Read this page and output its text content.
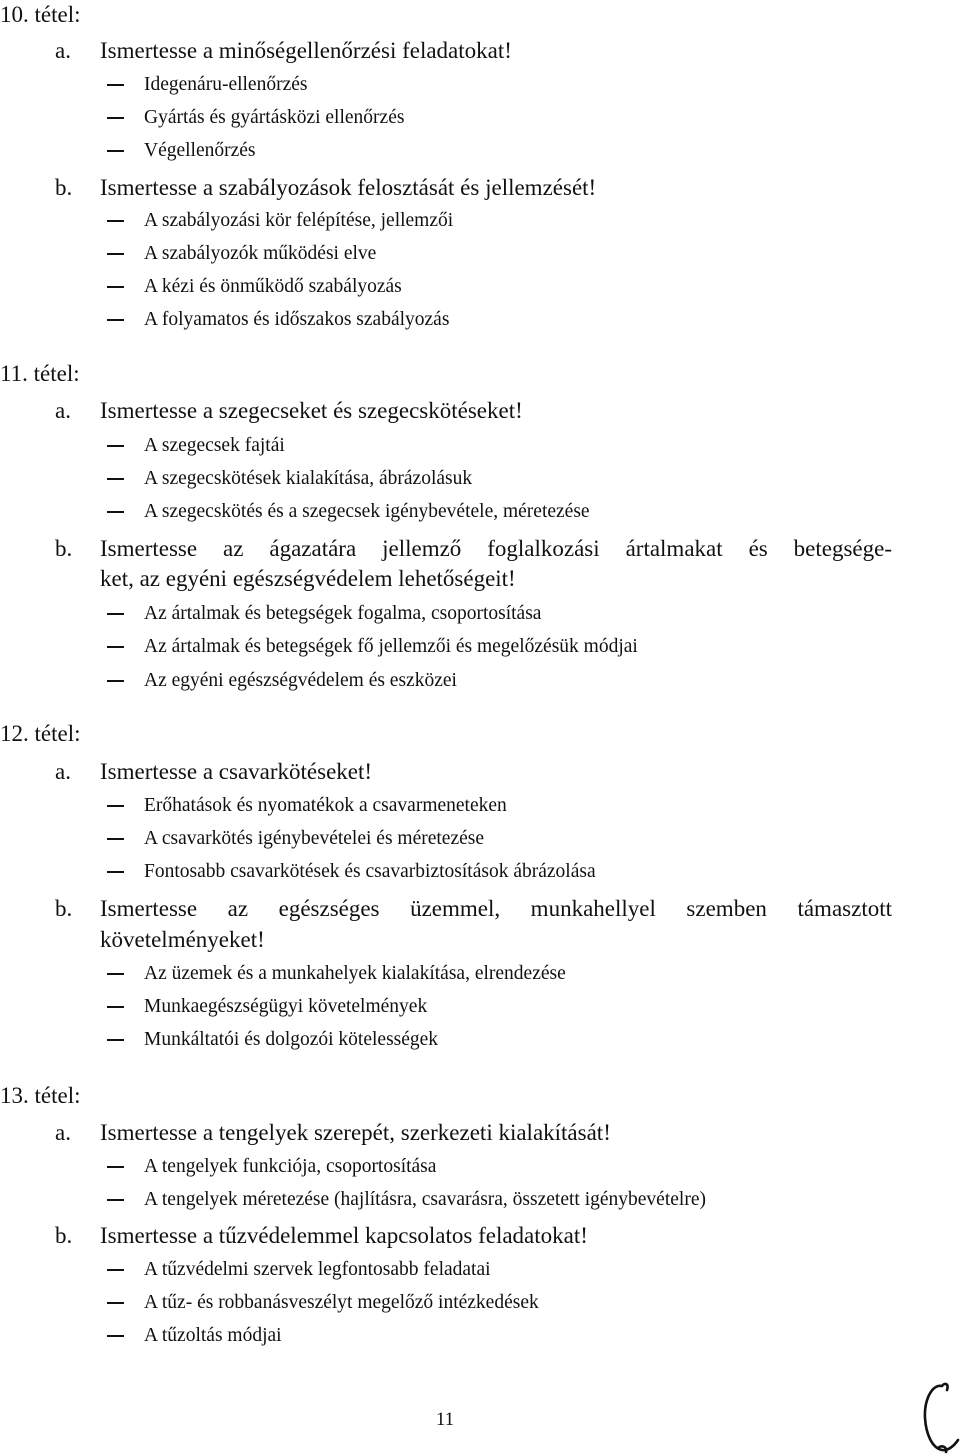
10. tétel:
a. Ismertesse a minőségellenőrzési feladatokat!
Idegenáru-ellenőrzés
Gyártás és gyártásközi ellenőrzés
Végellenőrzés
b. Ismertesse a szabályozások felosztását és jellemzését!
A szabályozási kör felépítése, jellemzői
A szabályozók működési elve
A kézi és önműködő szabályozás
A folyamatos és időszakos szabályozás
11. tétel:
a. Ismertesse a szegecseket és szegecskötéseket!
A szegecsek fajtái
A szegecskötések kialakítása, ábrázolásuk
A szegecskötés és a szegecsek igénybevétele, méretezése
b. Ismertesse az ágazatára jellemző foglalkozási ártalmakat és betegsége-
ket, az egyéni egészségvédelem lehetőségeit!
Az ártalmak és betegségek fogalma, csoportosítása
Az ártalmak és betegségek fő jellemzői és megelőzésük módjai
Az egyéni egészségvédelem és eszközei
12. tétel:
a. Ismertesse a csavarkötéseket!
Erőhatások és nyomatékok a csavarmeneteken
A csavarkötés igénybevételei és méretezése
Fontosabb csavarkötések és csavarbiztosítások ábrázolása
b. Ismertesse az egészséges üzemmel, munkahellyel szemben támasztott
követelményeket!
Az üzemek és a munkahelyek kialakítása, elrendezése
Munkaegészségügyi követelmények
Munkáltatói és dolgozói kötelességek
13. tétel:
a. Ismertesse a tengelyek szerepét, szerkezeti kialakítását!
A tengelyek funkciója, csoportosítása
A tengelyek méretezése (hajlításra, csavarásra, összetett igénybevételre)
b. Ismertesse a tűzvédelemmel kapcsolatos feladatokat!
A tűzvédelmi szervek legfontosabb feladatai
A tűz- és robbanásveszélyt megelőző intézkedések
A tűzoltás módjai
11
